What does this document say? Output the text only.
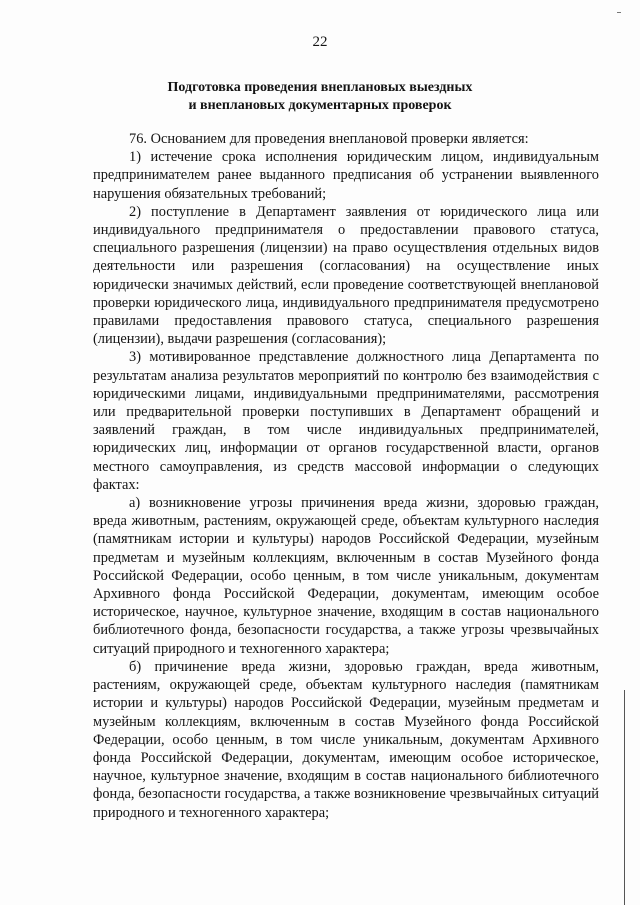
22
Подготовка проведения внеплановых выездных
и внеплановых документарных проверок

76. Основанием для проведения внеплановой проверки является:

1) истечение срока исполнения юридическим лицом, индивидуальным предпринимателем ранее выданного предписания об устранении выявленного нарушения обязательных требований;

2) поступление в Департамент заявления от юридического лица или индивидуального предпринимателя о предоставлении правового статуса, специального разрешения (лицензии) на право осуществления отдельных видов деятельности или разрешения (согласования) на осуществление иных юридически значимых действий, если проведение соответствующей внеплановой проверки юридического лица, индивидуального предпринимателя предусмотрено правилами предоставления правового статуса, специального разрешения (лицензии), выдачи разрешения (согласования);

3) мотивированное представление должностного лица Департамента по результатам анализа результатов мероприятий по контролю без взаимодействия с юридическими лицами, индивидуальными предпринимателями, рассмотрения или предварительной проверки поступивших в Департамент обращений и заявлений граждан, в том числе индивидуальных предпринимателей, юридических лиц, информации от органов государственной власти, органов местного самоуправления, из средств массовой информации о следующих фактах:

а) возникновение угрозы причинения вреда жизни, здоровью граждан, вреда животным, растениям, окружающей среде, объектам культурного наследия (памятникам истории и культуры) народов Российской Федерации, музейным предметам и музейным коллекциям, включенным в состав Музейного фонда Российской Федерации, особо ценным, в том числе уникальным, документам Архивного фонда Российской Федерации, документам, имеющим особое историческое, научное, культурное значение, входящим в состав национального библиотечного фонда, безопасности государства, а также угрозы чрезвычайных ситуаций природного и техногенного характера;

б) причинение вреда жизни, здоровью граждан, вреда животным, растениям, окружающей среде, объектам культурного наследия (памятникам истории и культуры) народов Российской Федерации, музейным предметам и музейным коллекциям, включенным в состав Музейного фонда Российской Федерации, особо ценным, в том числе уникальным, документам Архивного фонда Российской Федерации, документам, имеющим особое историческое, научное, культурное значение, входящим в состав национального библиотечного фонда, безопасности государства, а также возникновение чрезвычайных ситуаций природного и техногенного характера;
